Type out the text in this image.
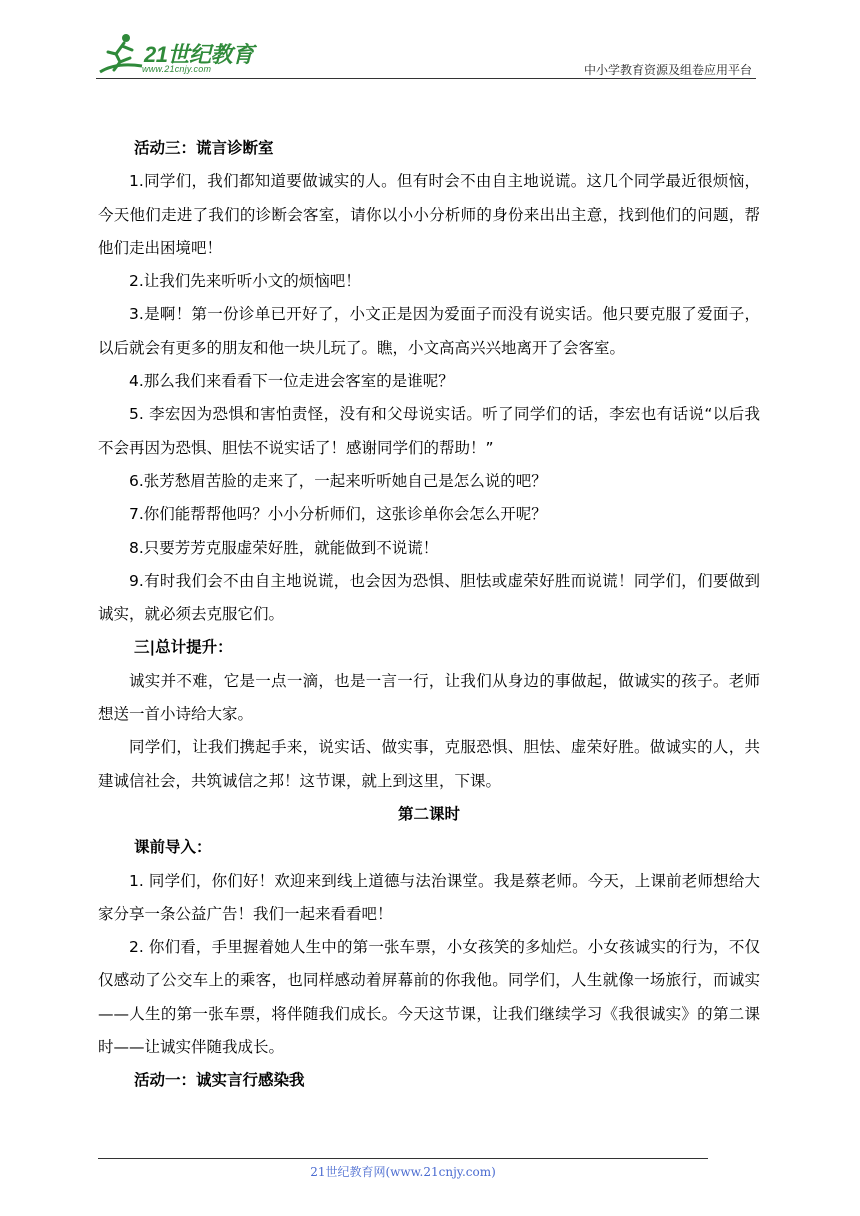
21世纪教育
www.21cnjy.com	中小学教育资源及组卷应用平台

活动三：谎言诊断室

1.同学们，我们都知道要做诚实的人。但有时会不由自主地说谎。这几个同学最近很烦恼，今天他们走进了我们的诊断会客室，请你以小小分析师的身份来出出主意，找到他们的问题，帮他们走出困境吧！

2.让我们先来听听小文的烦恼吧！

3.是啊！第一份诊单已开好了，小文正是因为爱面子而没有说实话。他只要克服了爱面子，以后就会有更多的朋友和他一块儿玩了。瞧，小文高高兴兴地离开了会客室。

4.那么我们来看看下一位走进会客室的是谁呢？

5. 李宏因为恐惧和害怕责怪，没有和父母说实话。听了同学们的话，李宏也有话说“以后我不会再因为恐惧、胆怯不说实话了！感谢同学们的帮助！”

6.张芳愁眉苦脸的走来了，一起来听听她自己是怎么说的吧？

7.你们能帮帮他吗？小小分析师们，这张诊单你会怎么开呢？

8.只要芳芳克服虚荣好胜，就能做到不说谎！

9.有时我们会不由自主地说谎，也会因为恐惧、胆怯或虚荣好胜而说谎！同学们，们要做到诚实，就必须去克服它们。

三|总计提升：

诚实并不难，它是一点一滴，也是一言一行，让我们从身边的事做起，做诚实的孩子。老师想送一首小诗给大家。

同学们，让我们携起手来，说实话、做实事，克服恐惧、胆怯、虚荣好胜。做诚实的人，共建诚信社会，共筑诚信之邦！这节课，就上到这里，下课。

第二课时

课前导入：

1. 同学们，你们好！欢迎来到线上道德与法治课堂。我是蔡老师。今天，上课前老师想给大家分享一条公益广告！我们一起来看看吧！

2. 你们看，手里握着她人生中的第一张车票，小女孩笑的多灿烂。小女孩诚实的行为，不仅仅感动了公交车上的乘客，也同样感动着屏幕前的你我他。同学们，人生就像一场旅行，而诚实——人生的第一张车票，将伴随我们成长。今天这节课，让我们继续学习《我很诚实》的第二课时——让诚实伴随我成长。

活动一：诚实言行感染我

21世纪教育网(www.21cnjy.com)
